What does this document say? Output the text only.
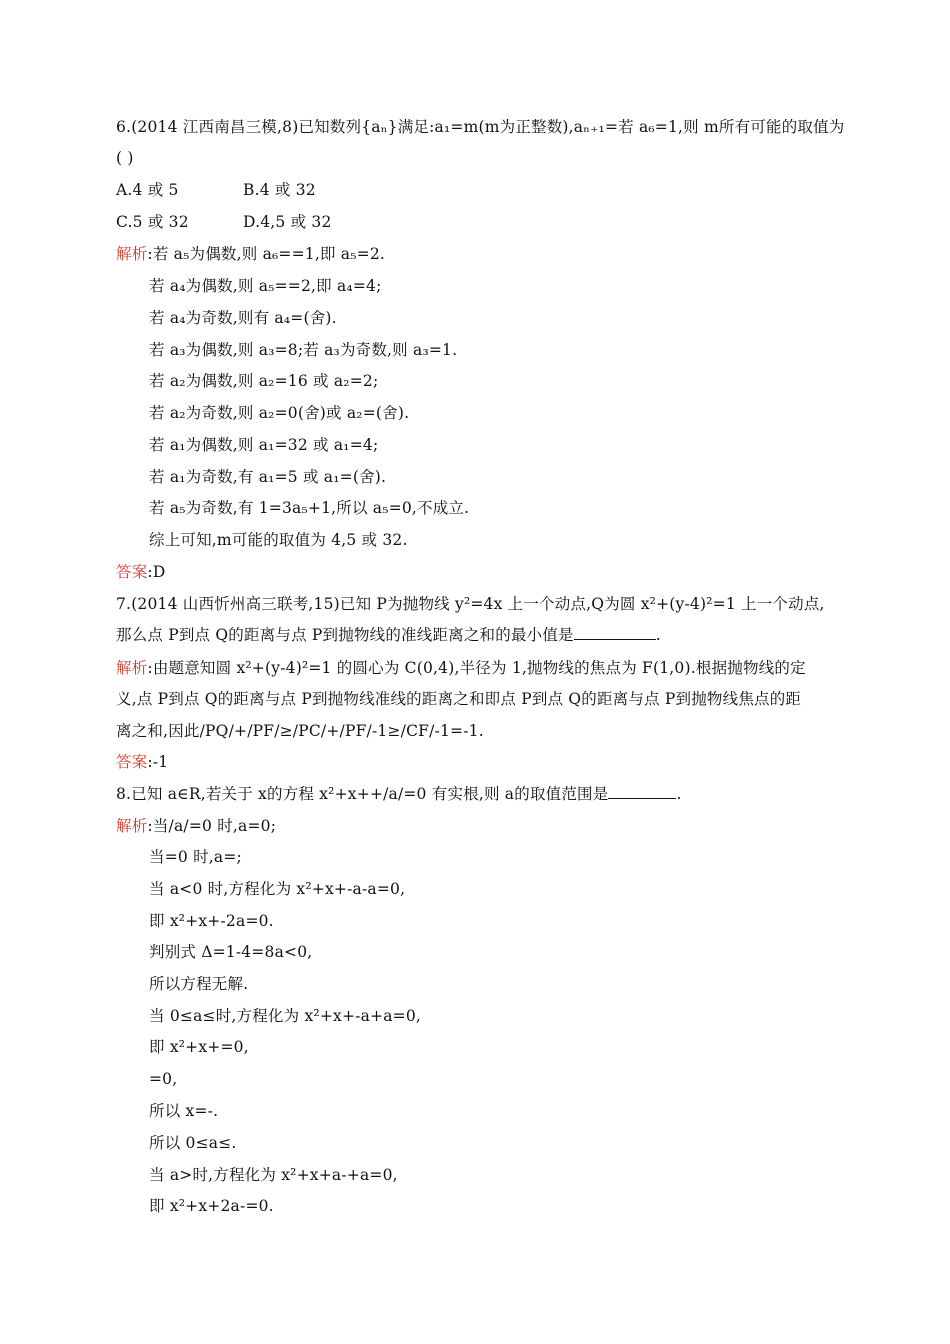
6.(2014 江西南昌三模,8)已知数列{aₙ}满足:a₁=m(m为正整数),aₙ₊₁=若 a₆=1,则 m所有可能的取值为
( )
A.4 或 5	B.4 或 32
C.5 或 32	D.4,5 或 32
解析:若 a₅为偶数,则 a₆==1,即 a₅=2.
若 a₄为偶数,则 a₅==2,即 a₄=4;
若 a₄为奇数,则有 a₄=(舍).
若 a₃为偶数,则 a₃=8;若 a₃为奇数,则 a₃=1.
若 a₂为偶数,则 a₂=16 或 a₂=2;
若 a₂为奇数,则 a₂=0(舍)或 a₂=(舍).
若 a₁为偶数,则 a₁=32 或 a₁=4;
若 a₁为奇数,有 a₁=5 或 a₁=(舍).
若 a₅为奇数,有 1=3a₅+1,所以 a₅=0,不成立.
综上可知,m可能的取值为 4,5 或 32.
答案:D
7.(2014 山西忻州高三联考,15)已知 P为抛物线 y²=4x 上一个动点,Q为圆 x²+(y-4)²=1 上一个动点,
那么点 P到点 Q的距离与点 P到抛物线的准线距离之和的最小值是	.
解析:由题意知圆 x²+(y-4)²=1 的圆心为 C(0,4),半径为 1,抛物线的焦点为 F(1,0).根据抛物线的定
义,点 P到点 Q的距离与点 P到抛物线准线的距离之和即点 P到点 Q的距离与点 P到抛物线焦点的距
离之和,因此/PQ/+/PF/≥/PC/+/PF/-1≥/CF/-1=-1.
答案:-1
8.已知 a∈R,若关于 x的方程 x²+x++/a/=0 有实根,则 a的取值范围是	.
解析:当/a/=0 时,a=0;
当=0 时,a=;
当 a<0 时,方程化为 x²+x+-a-a=0,
即 x²+x+-2a=0.
判别式 Δ=1-4=8a<0,
所以方程无解.
当 0≤a≤时,方程化为 x²+x+-a+a=0,
即 x²+x+=0,
=0,
所以 x=-.
所以 0≤a≤.
当 a>时,方程化为 x²+x+a-+a=0,
即 x²+x+2a-=0.
